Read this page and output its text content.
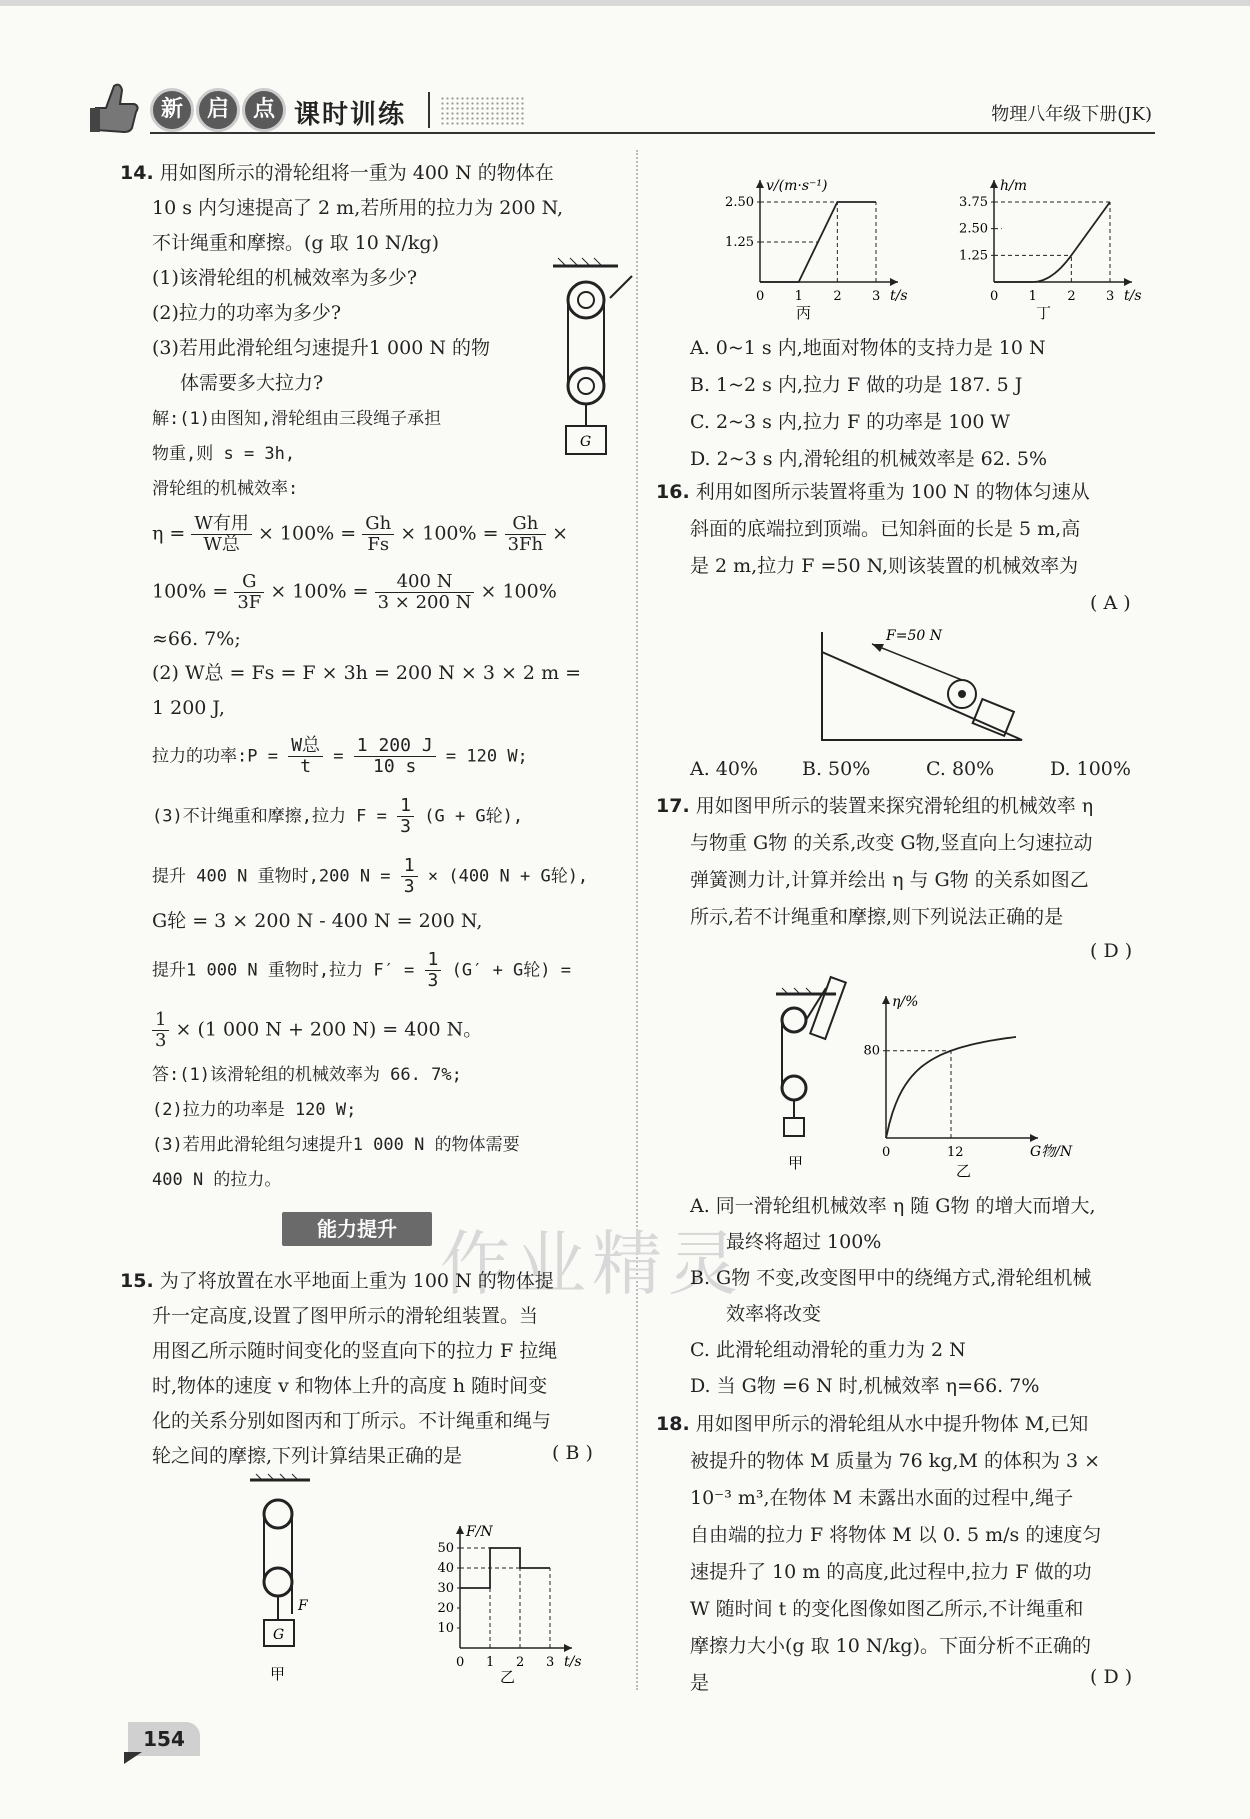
新	启	点 课时训练	物理八年级下册(JK)
14. 用如图所示的滑轮组将一重为 400 N 的物体在
10 s 内匀速提高了 2 m,若所用的拉力为 200 N,
不计绳重和摩擦。(g 取 10 N/kg)
(1)该滑轮组的机械效率为多少?
(2)拉力的功率为多少?
(3)若用此滑轮组匀速提升1 000 N 的物
体需要多大拉力?
G
解:(1)由图知,滑轮组由三段绳子承担
物重,则 s = 3h,
滑轮组的机械效率:
$\eta = \frac{\text{W有用}}{\text{W总}} \times 100\% = \frac{Gh}{Fs} \times 100\% = \frac{Gh}{3Fh}$ ×
$100\% = \frac{G}{3F} \times 100\% = \frac{400 N}{3 \times 200 N} \times 100\%$
≈66. 7%;
(2) W总 = Fs = F × 3h = 200 N × 3 × 2 m =
1 200 J,
拉力的功率:P = $\frac{\text{W总}}{t} = \frac{1 200 J}{10 s} = 120$ W;
(3)不计绳重和摩擦,拉力 $F = \frac{1}{3} (G + G$轮),
提升 400 N 重物时,200 $N = \frac{1}{3} \times (400$ N + G轮),
G轮 = 3 × 200 N - 400 N = 200 N,
提升1 000 N 重物时,拉力 $F' = \frac{1}{3} (G' + G$轮) =
$\frac{1}{3} \times (1$ 000 N + 200 N) = 400 N。
答:(1)该滑轮组的机械效率为 66. 7%;
(2)拉力的功率是 120 W;
(3)若用此滑轮组匀速提升1 000 N 的物体需要
400 N 的拉力。
能力提升 作业精灵
15. 为了将放置在水平地面上重为 100 N 的物体提
升一定高度,设置了图甲所示的滑轮组装置。当
用图乙所示随时间变化的竖直向下的拉力 F 拉绳
时,物体的速度 v 和物体上升的高度 h 随时间变
化的关系分别如图丙和丁所示。不计绳重和绳与
轮之间的摩擦,下列计算结果正确的是	( B )
G
F
甲	乙
F/N
t/s
0 1 2 3
10
20
30
40
50
丙
v/(m·s⁻¹)
t/s
0 1 2 3
1.25
2.50
丁
h/m
t/s
0 1 2 3
1.25
2.50
3.75
A. 0~1 s 内,地面对物体的支持力是 10 N
B. 1~2 s 内,拉力 F 做的功是 187. 5 J
C. 2~3 s 内,拉力 F 的功率是 100 W
D. 2~3 s 内,滑轮组的机械效率是 62. 5%
16. 利用如图所示装置将重为 100 N 的物体匀速从
斜面的底端拉到顶端。已知斜面的长是 5 m,高
是 2 m,拉力 F =50 N,则该装置的机械效率为
( A )
F=50 N
A. 40% B. 50%	C. 80%	D. 100%
17. 用如图甲所示的装置来探究滑轮组的机械效率 η
与物重 G物 的关系,改变 G物,竖直向上匀速拉动
弹簧测力计,计算并绘出 η 与 G物 的关系如图乙
所示,若不计绳重和摩擦,则下列说法正确的是
( D )
甲	乙
η/%
G物/N
0	12
80
A. 同一滑轮组机械效率 η 随 G物 的增大而增大,
最终将超过 100%
B. G物 不变,改变图甲中的绕绳方式,滑轮组机械
效率将改变
C. 此滑轮组动滑轮的重力为 2 N
D. 当 G物 =6 N 时,机械效率 η=66. 7%
18. 用如图甲所示的滑轮组从水中提升物体 M,已知
被提升的物体 M 质量为 76 kg,M 的体积为 3 ×
10⁻³ m³,在物体 M 未露出水面的过程中,绳子
自由端的拉力 F 将物体 M 以 0. 5 m/s 的速度匀
速提升了 10 m 的高度,此过程中,拉力 F 做的功
W 随时间 t 的变化图像如图乙所示,不计绳重和
摩擦力大小(g 取 10 N/kg)。下面分析不正确的
是	( D )
154
